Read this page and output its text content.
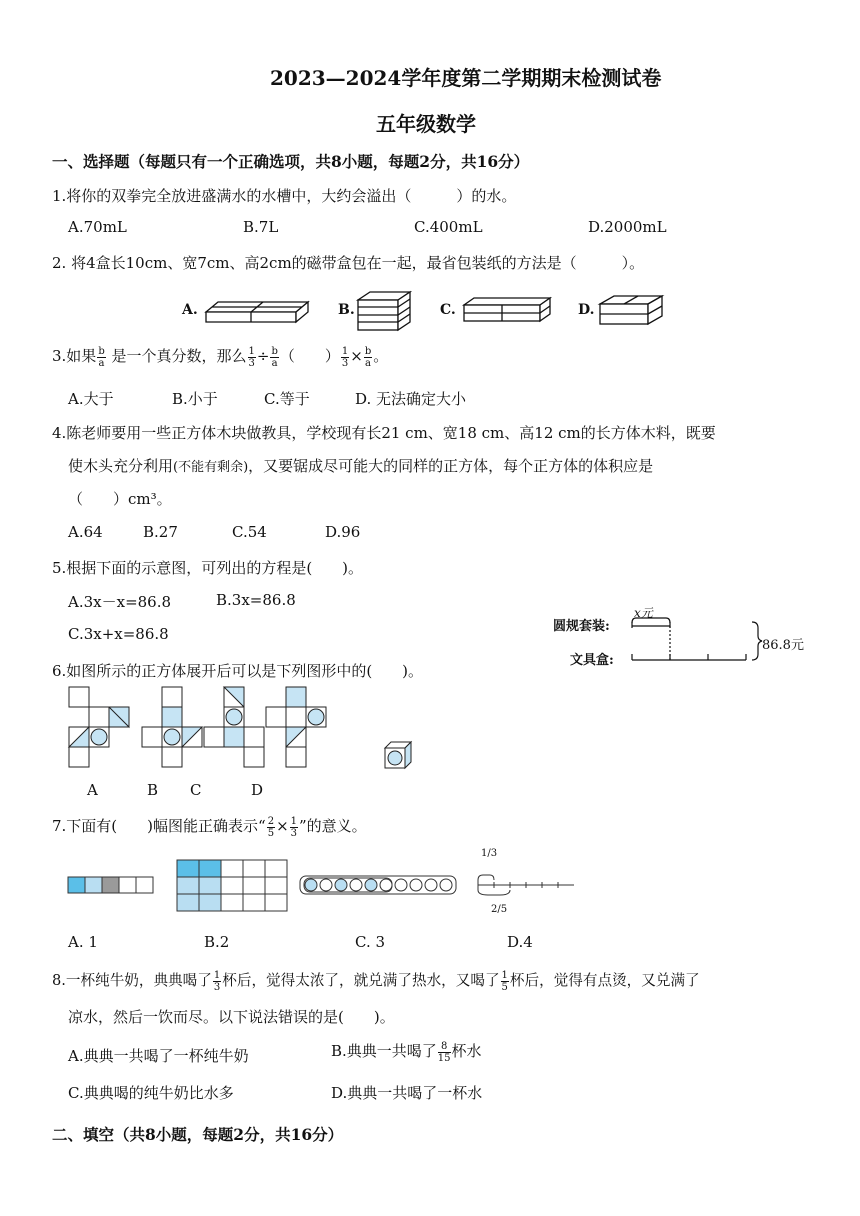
2023—2024学年度第二学期期末检测试卷
五年级数学
一、选择题（每题只有一个正确选项，共8小题，每题2分，共16分）
1.将你的双拳完全放进盛满水的水槽中，大约会溢出（　　　）的水。
A.70mL	B.7L	C.400mL	D.2000mL
2. 将4盒长10cm、宽7cm、高2cm的磁带盒包在一起，最省包装纸的方法是（　　　）。
A.	B.	C.	D.
3.如果 $\frac{b}{a}$ 是一个真分数，那么 $\frac{1}{3} \div \frac{b}{a}$ （　　） $\frac{1}{3} \times \frac{b}{a}$ 。
A.大于	B.小于	C.等于	D. 无法确定大小
4.陈老师要用一些正方体木块做教具，学校现有长21 cm、宽18 cm、高12 cm的长方体木料，既要
使木头充分利用(不能有剩余)，又要锯成尽可能大的同样的正方体，每个正方体的体积应是
（　　）cm³。
A.64	B.27	C.54	D.96
5.根据下面的示意图，可列出的方程是(　　)。
A.3x－x=86.8	B.3x=86.8
C.3x+x=86.8	圆规套装:
文具盒:
x元
86.8元
6.如图所示的正方体展开后可以是下列图形中的(　　)。
A	B C	D
7.下面有(　　)幅图能正确表示“ $\frac{2}{5} \times \frac{1}{3}$ ”的意义。
1/3
2/5
A. 1	B.2	C. 3	D.4
8.一杯纯牛奶，典典喝了 $\frac{1}{3}$ 杯后，觉得太浓了，就兑满了热水，又喝了 $\frac{1}{5}$ 杯后，觉得有点烫，又兑满了
凉水，然后一饮而尽。以下说法错误的是(　　)。
A.典典一共喝了一杯纯牛奶	B.典典一共喝了 $\frac{8}{15}$ 杯水
C.典典喝的纯牛奶比水多	D.典典一共喝了一杯水
二、填空（共8小题，每题2分，共16分）
